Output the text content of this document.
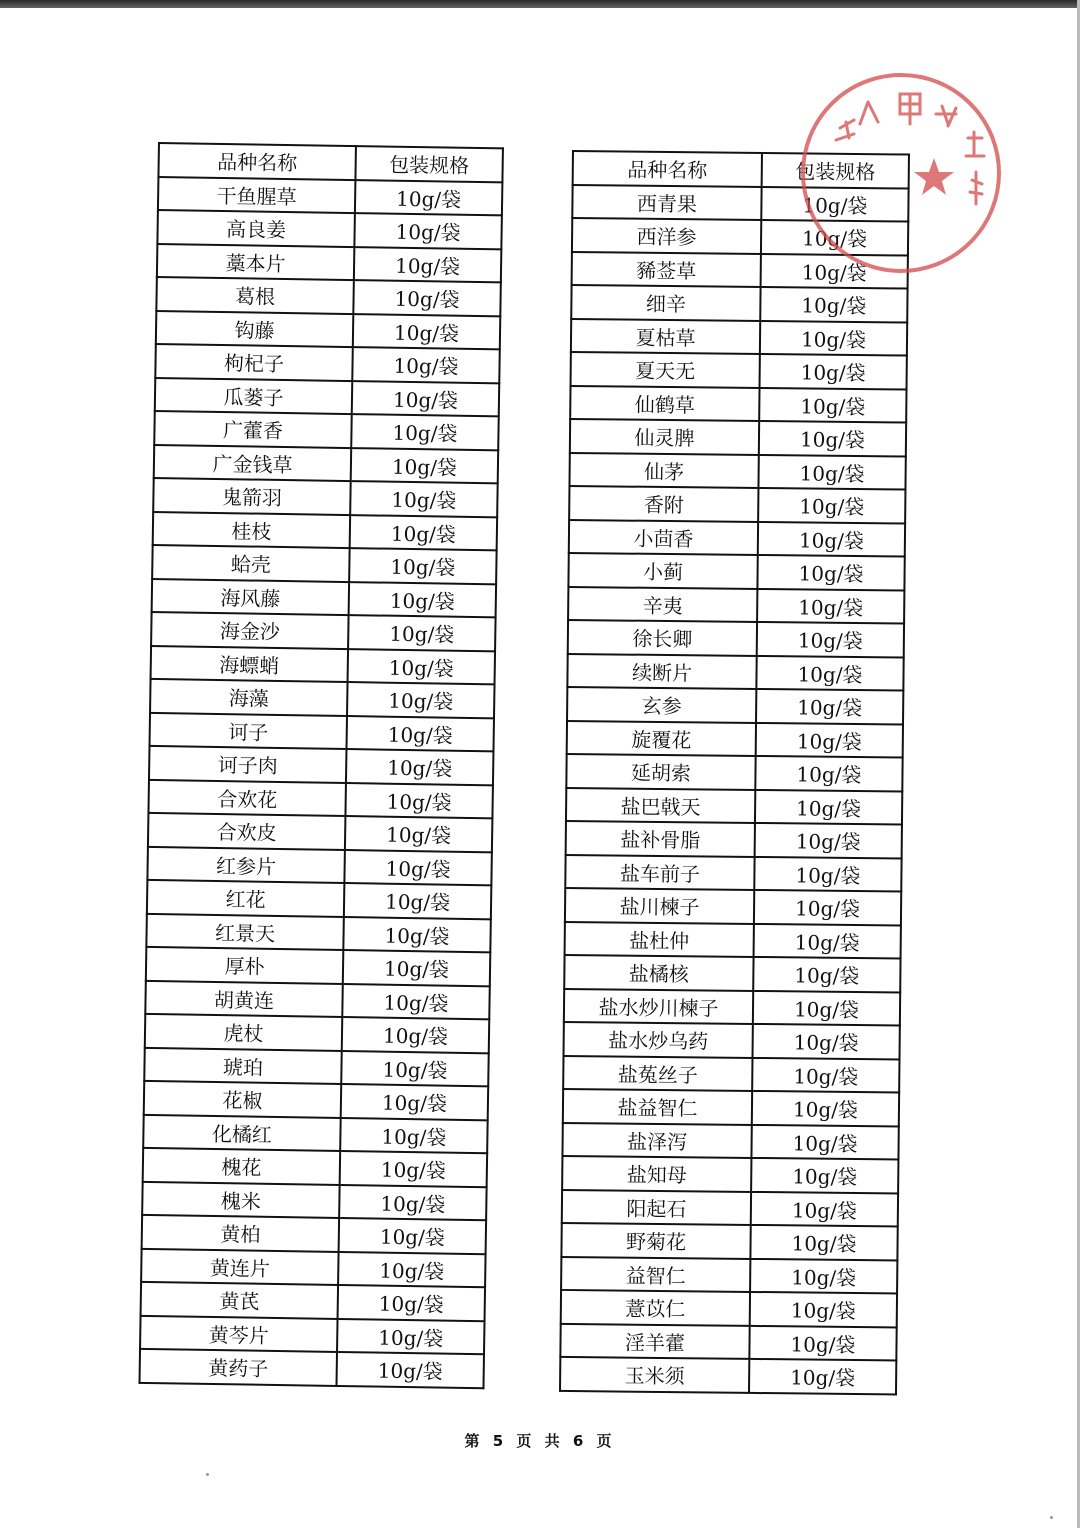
品种名称	包装规格
干鱼腥草	10g/袋
高良姜	10g/袋
藁本片	10g/袋
葛根	10g/袋
钩藤	10g/袋
枸杞子	10g/袋
瓜蒌子	10g/袋
广藿香	10g/袋
广金钱草	10g/袋
鬼箭羽	10g/袋
桂枝	10g/袋
蛤壳	10g/袋
海风藤	10g/袋
海金沙	10g/袋
海螵蛸	10g/袋
海藻	10g/袋
诃子	10g/袋
诃子肉	10g/袋
合欢花	10g/袋
合欢皮	10g/袋
红参片	10g/袋
红花	10g/袋
红景天	10g/袋
厚朴	10g/袋
胡黄连	10g/袋
虎杖	10g/袋
琥珀	10g/袋
花椒	10g/袋
化橘红	10g/袋
槐花	10g/袋
槐米	10g/袋
黄柏	10g/袋
黄连片	10g/袋
黄芪	10g/袋
黄芩片	10g/袋
黄药子	10g/袋
品种名称	包装规格
西青果	10g/袋
西洋参	10g/袋
豨莶草	10g/袋
细辛	10g/袋
夏枯草	10g/袋
夏天无	10g/袋
仙鹤草	10g/袋
仙灵脾	10g/袋
仙茅	10g/袋
香附	10g/袋
小茴香	10g/袋
小蓟	10g/袋
辛夷	10g/袋
徐长卿	10g/袋
续断片	10g/袋
玄参	10g/袋
旋覆花	10g/袋
延胡索	10g/袋
盐巴戟天	10g/袋
盐补骨脂	10g/袋
盐车前子	10g/袋
盐川楝子	10g/袋
盐杜仲	10g/袋
盐橘核	10g/袋
盐水炒川楝子	10g/袋
盐水炒乌药	10g/袋
盐菟丝子	10g/袋
盐益智仁	10g/袋
盐泽泻	10g/袋
盐知母	10g/袋
阳起石	10g/袋
野菊花	10g/袋
益智仁	10g/袋
薏苡仁	10g/袋
淫羊藿	10g/袋
玉米须	10g/袋
第 5 页 共 6 页
